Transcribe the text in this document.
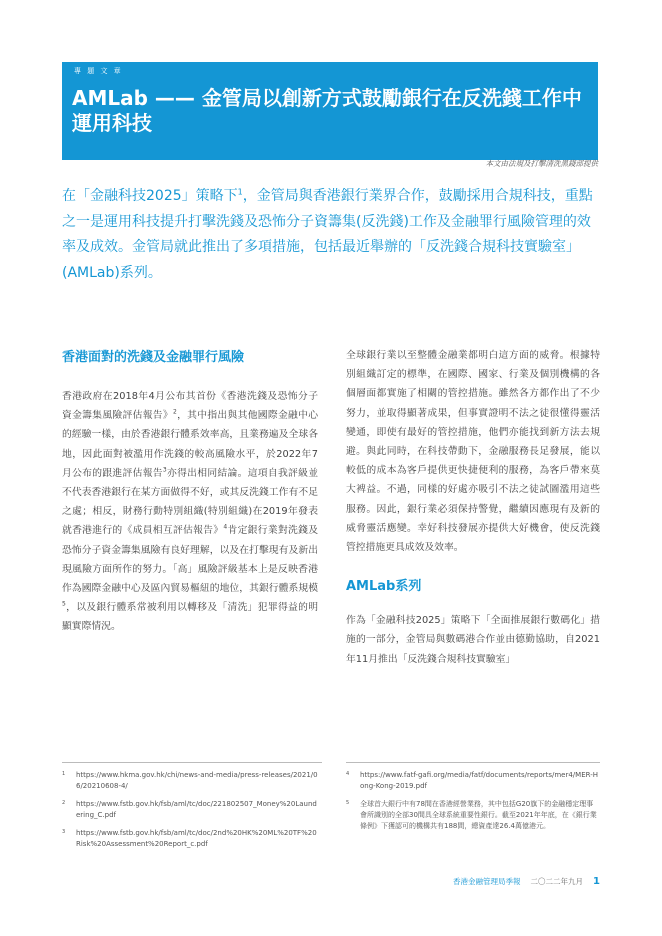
專 題 文 章
AMLab —— 金管局以創新方式鼓勵銀行在反洗錢工作中運用科技
本文由法規及打擊清洗黑錢部提供

在「金融科技2025」策略下$^1$，金管局與香港銀行業界合作，鼓勵採用合規科技，重點之一是運用科技提升打擊洗錢及恐怖分子資籌集(反洗錢)工作及金融罪行風險管理的效率及成效。金管局就此推出了多項措施，包括最近舉辦的「反洗錢合規科技實驗室」(AMLab)系列。

香港面對的洗錢及金融罪行風險

香港政府在2018年4月公布其首份《香港洗錢及恐怖分子資金籌集風險評估報告》$^2$，其中指出與其他國際金融中心的經驗一樣，由於香港銀行體系效率高，且業務遍及全球各地，因此面對被濫用作洗錢的較高風險水平，於2022年7月公布的跟進評估報告$^3$亦得出相同結論。這項自我評級並不代表香港銀行在某方面做得不好，或其反洗錢工作有不足之處；相反，財務行動特別組織(特別組織)在2019年發表就香港進行的《成員相互評估報告》$^4$肯定銀行業對洗錢及恐怖分子資金籌集風險有良好理解，以及在打擊現有及新出現風險方面所作的努力。「高」風險評級基本上是反映香港作為國際金融中心及區內貿易樞紐的地位，其銀行體系規模$^5$，以及銀行體系常被利用以轉移及「清洗」犯罪得益的明顯實際情況。

全球銀行業以至整體金融業都明白這方面的威脅。根據特別組織訂定的標準，在國際、國家、行業及個別機構的各個層面都實施了相關的管控措施。雖然各方都作出了不少努力，並取得顯著成果，但事實證明不法之徒很懂得靈活變通，即使有最好的管控措施，他們亦能找到新方法去規避。與此同時，在科技帶動下，金融服務長足發展，能以較低的成本為客戶提供更快捷便利的服務，為客戶帶來莫大裨益。不過，同樣的好處亦吸引不法之徒試圖濫用這些服務。因此，銀行業必須保持警覺，繼續因應現有及新的威脅靈活應變。幸好科技發展亦提供大好機會，使反洗錢管控措施更具成效及效率。

AMLab系列

作為「金融科技2025」策略下「全面推展銀行數碼化」措施的一部分，金管局與數碼港合作並由德勤協助，自2021年11月推出「反洗錢合規科技實驗室」

1 https://www.hkma.gov.hk/chi/news-and-media/press-releases/2021/06/20210608-4/
2 https://www.fstb.gov.hk/fsb/aml/tc/doc/221802507_Money%20Laundering_C.pdf
3 https://www.fstb.gov.hk/fsb/aml/tc/doc/2nd%20HK%20ML%20TF%20Risk%20Assessment%20Report_c.pdf
4 https://www.fatf-gafi.org/media/fatf/documents/reports/mer4/MER-Hong-Kong-2019.pdf
5 全球首大銀行中有78間在香港經營業務，其中包括G20旗下的金融穩定理事會所識別的全部30間具全球系統重要性銀行。截至2021年年底，在《銀行業條例》下獲認可的機構共有188間，總資產達26.4萬億港元。
香港金融管理局季報 二〇二二年九月 1
